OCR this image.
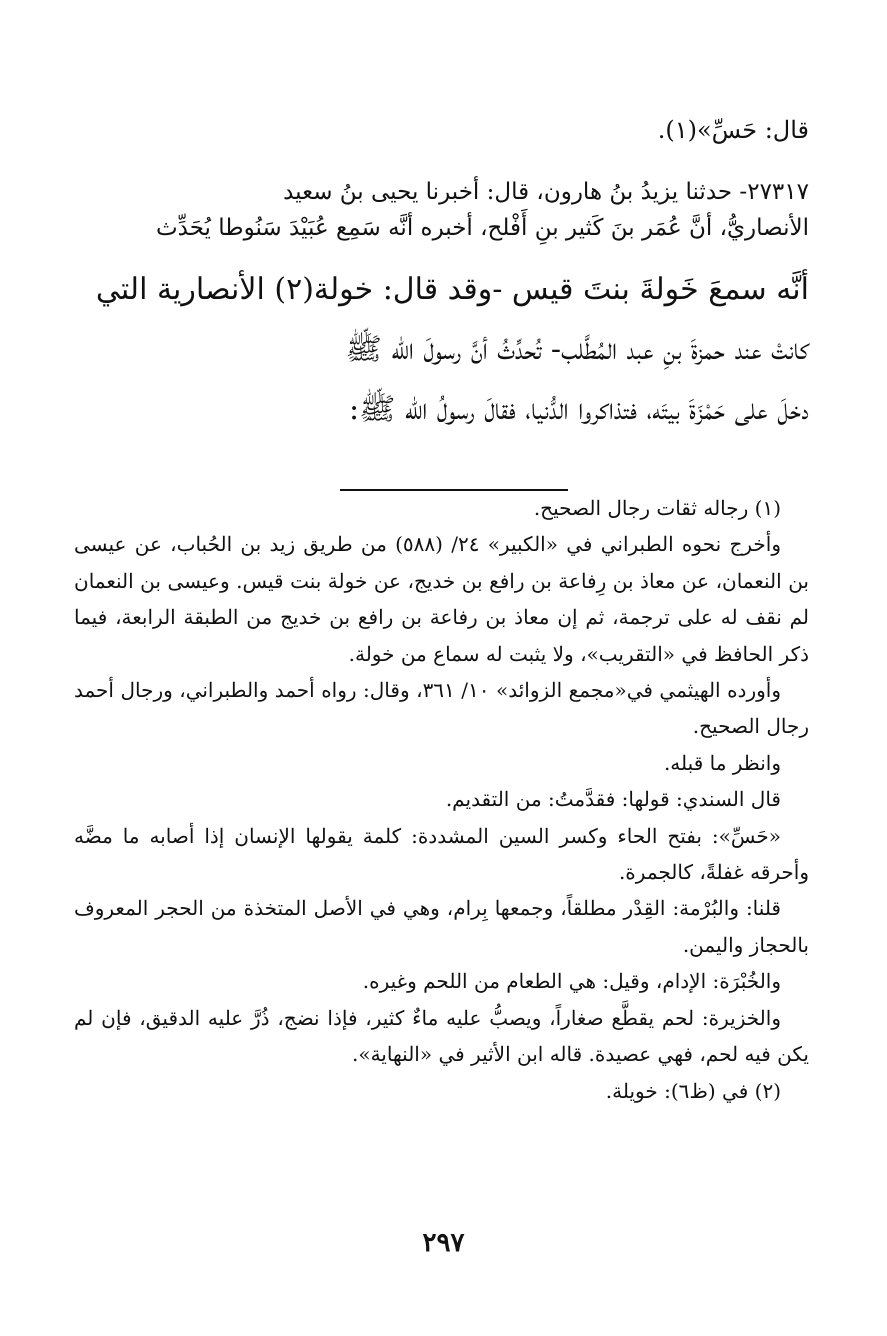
قال: حَسِّ»(١).

٢٧٣١٧- حدثنا يزيدُ بنُ هارون، قال: أخبرنا يحيى بنُ سعيد

الأنصاريُّ، أنَّ عُمَر بنَ كَثير بنِ أَفْلح، أخبره أنَّه سَمِع عُبَيْدَ سَنُوطا يُحَدِّث

أنَّه سمعَ خَولةَ بنتَ قيس -وقد قال: خولة(٢) الأنصارية التي

كانتْ عند حمزةَ بنِ عبد المُطَّلب- تُحدِّثُ أنَّ رسولَ الله ﷺ

دخلَ على حَمْزَةَ بيتَه، فتذاكروا الدُّنيا، فقالَ رسولُ الله ﷺ:

(١) رجاله ثقات رجال الصحيح.

وأخرج نحوه الطبراني في «الكبير» ٢٤/ (٥٨٨) من طريق زيد بن الحُباب، عن عيسى بن النعمان، عن معاذ بن رِفاعة بن رافع بن خديج، عن خولة بنت قيس. وعيسى بن النعمان لم نقف له على ترجمة، ثم إن معاذ بن رفاعة بن رافع بن خديج من الطبقة الرابعة، فيما ذكر الحافظ في «التقريب»، ولا يثبت له سماع من خولة.

وأورده الهيثمي في«مجمع الزوائد» ١٠/ ٣٦١، وقال: رواه أحمد والطبراني، ورجال أحمد رجال الصحيح.

وانظر ما قبله.

قال السندي: قولها: فقدَّمتُ: من التقديم.

«حَسِّ»: بفتح الحاء وكسر السين المشددة: كلمة يقولها الإنسان إذا أصابه ما مضَّه وأحرقه غفلةً، كالجمرة.

قلنا: والبُرْمة: القِدْر مطلقاً، وجمعها بِرام، وهي في الأصل المتخذة من الحجر المعروف بالحجاز واليمن.

والخُبْرَة: الإدام، وقيل: هي الطعام من اللحم وغيره.

والخزيرة: لحم يقطَّع صغاراً، ويصبُّ عليه ماءٌ كثير، فإذا نضج، ذُرَّ عليه الدقيق، فإن لم يكن فيه لحم، فهي عصيدة. قاله ابن الأثير في «النهاية».

(٢) في (ظ٦): خويلة.

٢٩٧
